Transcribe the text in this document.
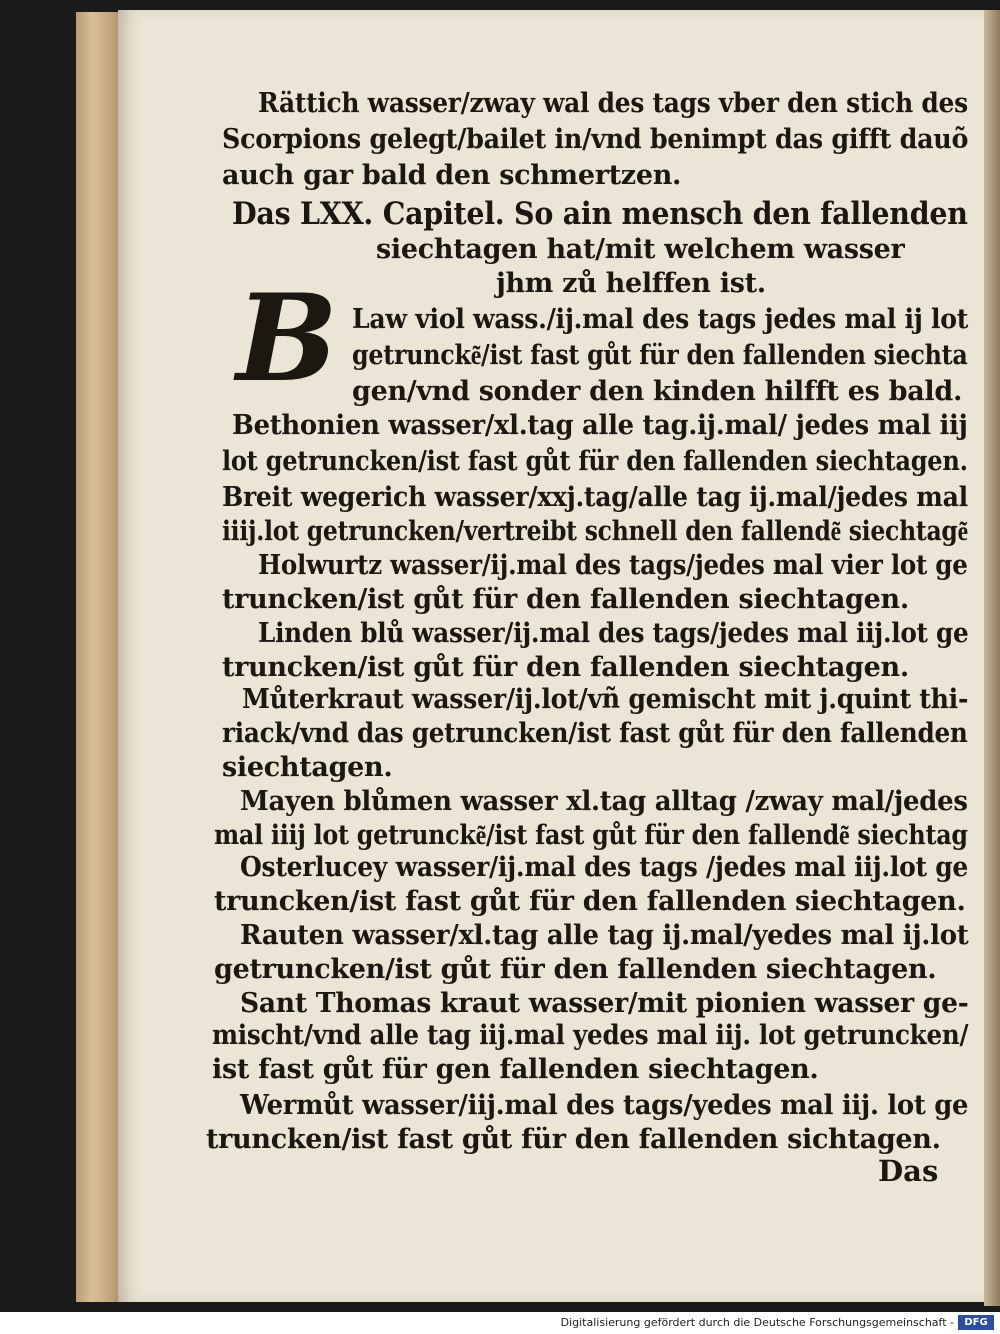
Rättich wasser/zway wal des tags vber den stich des
Scorpions gelegt/bailet in/vnd benimpt das gifft dauõ
auch gar bald den schmertzen.
Das LXX. Capitel. So ain mensch den fallenden
siechtagen hat/mit welchem wasser
jhm zů helffen ist.
B Law viol wass./ij.mal des tags jedes mal ij lot
getruncke͂/ist fast gůt für den fallenden siechta
gen/vnd sonder den kinden hilfft es bald.
Bethonien wasser/xl.tag alle tag.ij.mal/ jedes mal iij
lot getruncken/ist fast gůt für den fallenden siechtagen.
Breit wegerich wasser/xxj.tag/alle tag ij.mal/jedes mal
iiij.lot getruncken/vertreibt schnell den fallende͂ siechtage͂
Holwurtz wasser/ij.mal des tags/jedes mal vier lot ge
truncken/ist gůt für den fallenden siechtagen.
Linden blů wasser/ij.mal des tags/jedes mal iij.lot ge
truncken/ist gůt für den fallenden siechtagen.
Můterkraut wasser/ij.lot/vñ gemischt mit j.quint thi-
riack/vnd das getruncken/ist fast gůt für den fallenden
siechtagen.
Mayen blůmen wasser xl.tag alltag /zway mal/jedes
mal iiij lot getruncke͂/ist fast gůt für den fallende͂ siechtag
Osterlucey wasser/ij.mal des tags /jedes mal iij.lot ge
truncken/ist fast gůt für den fallenden siechtagen.
Rauten wasser/xl.tag alle tag ij.mal/yedes mal ij.lot
getruncken/ist gůt für den fallenden siechtagen.
Sant Thomas kraut wasser/mit pionien wasser ge-
mischt/vnd alle tag iij.mal yedes mal iij. lot getruncken/
ist fast gůt für gen fallenden siechtagen.
Wermůt wasser/iij.mal des tags/yedes mal iij. lot ge
truncken/ist fast gůt für den fallenden sichtagen.
Das
Digitalisierung gefördert durch die Deutsche Forschungsgemeinschaft -	DFG
